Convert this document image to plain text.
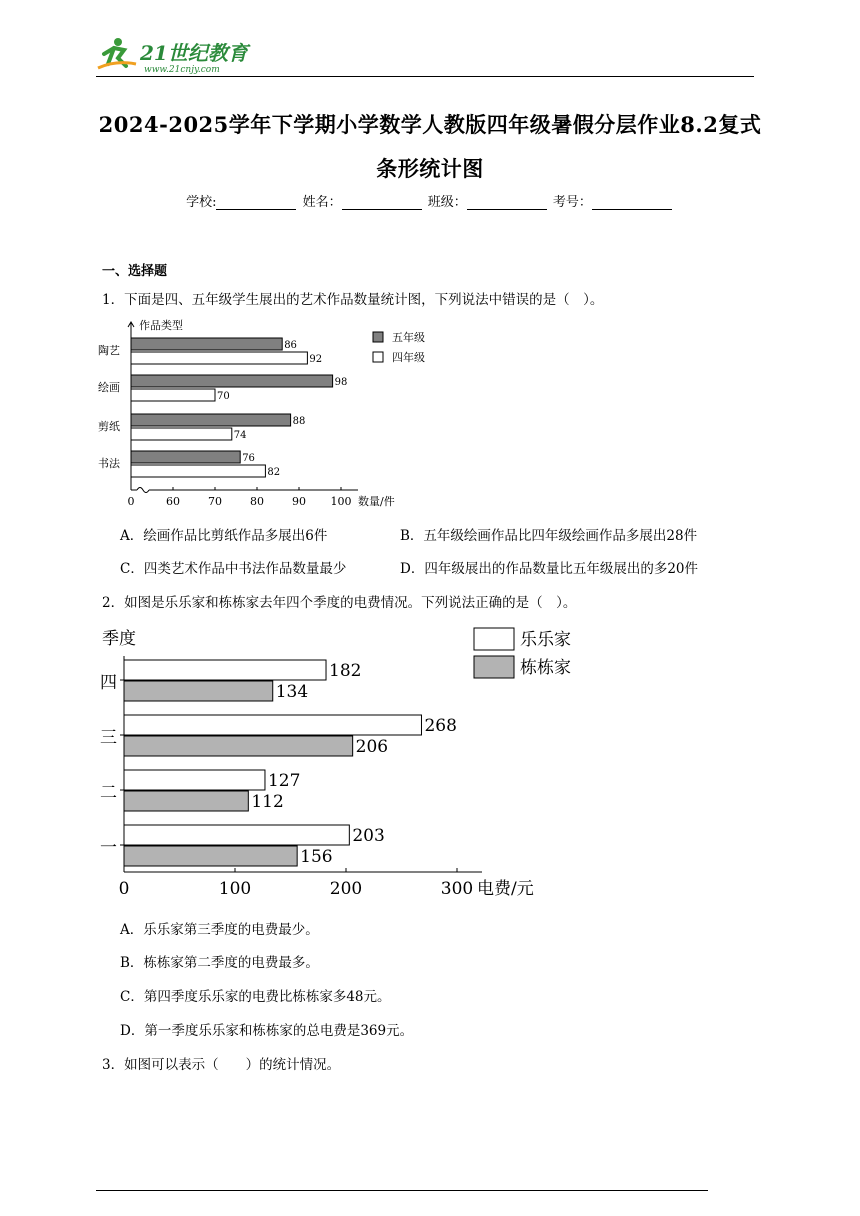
21世纪教育
www.21cnjy.com
2024-2025学年下学期小学数学人教版四年级暑假分层作业8.2复式
条形统计图
学校:	姓名：	班级：	考号：
一、选择题
1．下面是四、五年级学生展出的艺术作品数量统计图，下列说法中错误的是（　）。
作品类型
0	60	70	80	90 100 数量/件
陶艺	86
92
绘画	98
70
剪纸	88
74
书法	76
82
五年级
四年级
A．绘画作品比剪纸作品多展出6件	B．五年级绘画作品比四年级绘画作品多展出28件
C．四类艺术作品中书法作品数量最少	D．四年级展出的作品数量比五年级展出的多20件
2．如图是乐乐家和栋栋家去年四个季度的电费情况。下列说法正确的是（　）。
季度
0	100	200	300 电费/元
四
182
134
三
268
206
二
127
112
一
203
156
乐乐家
栋栋家
A．乐乐家第三季度的电费最少。
B．栋栋家第二季度的电费最多。
C．第四季度乐乐家的电费比栋栋家多48元。
D．第一季度乐乐家和栋栋家的总电费是369元。
3．如图可以表示（　　）的统计情况。
